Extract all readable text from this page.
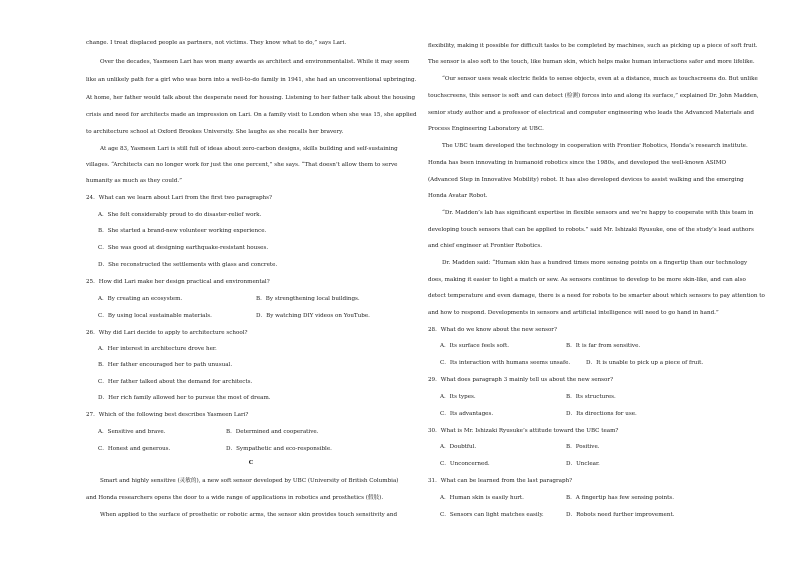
change. I treat displaced people as partners, not victims. They know what to do,” says Lari.
Over the decades, Yasmeen Lari has won many awards as architect and environmentalist. While it may seem
like an unlikely path for a girl who was born into a well-to-do family in 1941, she had an unconventional upbringing.
At home, her father would talk about the desperate need for housing. Listening to her father talk about the housing
crisis and need for architects made an impression on Lari. On a family visit to London when she was 15, she applied
to architecture school at Oxford Brookes University. She laughs as she recalls her bravery.
At age 83, Yasmeen Lari is still full of ideas about zero-carbon designs, skills building and self-sustaining
villages. “Architects can no longer work for just the one percent,” she says. “That doesn’t allow them to serve
humanity as much as they could.”
24．What can we learn about Lari from the first two paragraphs?
A．She felt considerably proud to do disaster-relief work.
B．She started a brand-new volunteer working experience.
C．She was good at designing earthquake-resistant houses.
D．She reconstructed the settlements with glass and concrete.
25．How did Lari make her design practical and environmental?
A．By creating an ecosystem.	B．By strengthening local buildings.
C．By using local sustainable materials.	D．By watching DIY videos on YouTube.
26．Why did Lari decide to apply to architecture school?
A．Her interest in architecture drove her.
B．Her father encouraged her to path unusual.
C．Her father talked about the demand for architects.
D．Her rich family allowed her to pursue the most of dream.
27．Which of the following best describes Yasmeen Lari?
A．Sensitive and brave.	B．Determined and cooperative.
C．Honest and generous.	D．Sympathetic and eco-responsible.
C
Smart and highly sensitive (灵敏的), a new soft sensor developed by UBC (University of British Columbia)
and Honda researchers opens the door to a wide range of applications in robotics and prosthetics (假肢).
When applied to the surface of prosthetic or robotic arms, the sensor skin provides touch sensitivity and
flexibility, making it possible for difficult tasks to be completed by machines, such as picking up a piece of soft fruit.
The sensor is also soft to the touch, like human skin, which helps make human interactions safer and more lifelike.
“Our sensor uses weak electric fields to sense objects, even at a distance, much as touchscreens do. But unlike
touchscreens, this sensor is soft and can detect (检测) forces into and along its surface,” explained Dr. John Madden,
senior study author and a professor of electrical and computer engineering who leads the Advanced Materials and
Process Engineering Laboratory at UBC.
The UBC team developed the technology in cooperation with Frontier Robotics, Honda’s research institute.
Honda has been innovating in humanoid robotics since the 1980s, and developed the well-known ASIMO
(Advanced Step in Innovative Mobility) robot. It has also developed devices to assist walking and the emerging
Honda Avatar Robot.
“Dr. Madden’s lab has significant expertise in flexible sensors and we’re happy to cooperate with this team in
developing touch sensors that can be applied to robots.” said Mr. Ishizaki Ryusuke, one of the study’s lead authors
and chief engineer at Frontier Robotics.
Dr. Madden said: “Human skin has a hundred times more sensing points on a fingertip than our technology
does, making it easier to light a match or sew. As sensors continue to develop to be more skin-like, and can also
detect temperature and even damage, there is a need for robots to be smarter about which sensors to pay attention to
and how to respond. Developments in sensors and artificial intelligence will need to go hand in hand.”
28．What do we know about the new sensor?
A．Its surface feels soft.	B．It is far from sensitive.
C．Its interaction with humans seems unsafe.	D．It is unable to pick up a piece of fruit.
29．What does paragraph 3 mainly tell us about the new sensor?
A．Its types.	B．Its structures.
C．Its advantages.	D．Its directions for use.
30．What is Mr. Ishizaki Ryusuke’s attitude toward the UBC team?
A．Doubtful.	B．Positive.
C．Unconcerned.	D．Unclear.
31．What can be learned from the last paragraph?
A．Human skin is easily hurt.	B．A fingertip has few sensing points.
C．Sensors can light matches easily.	D．Robots need further improvement.
